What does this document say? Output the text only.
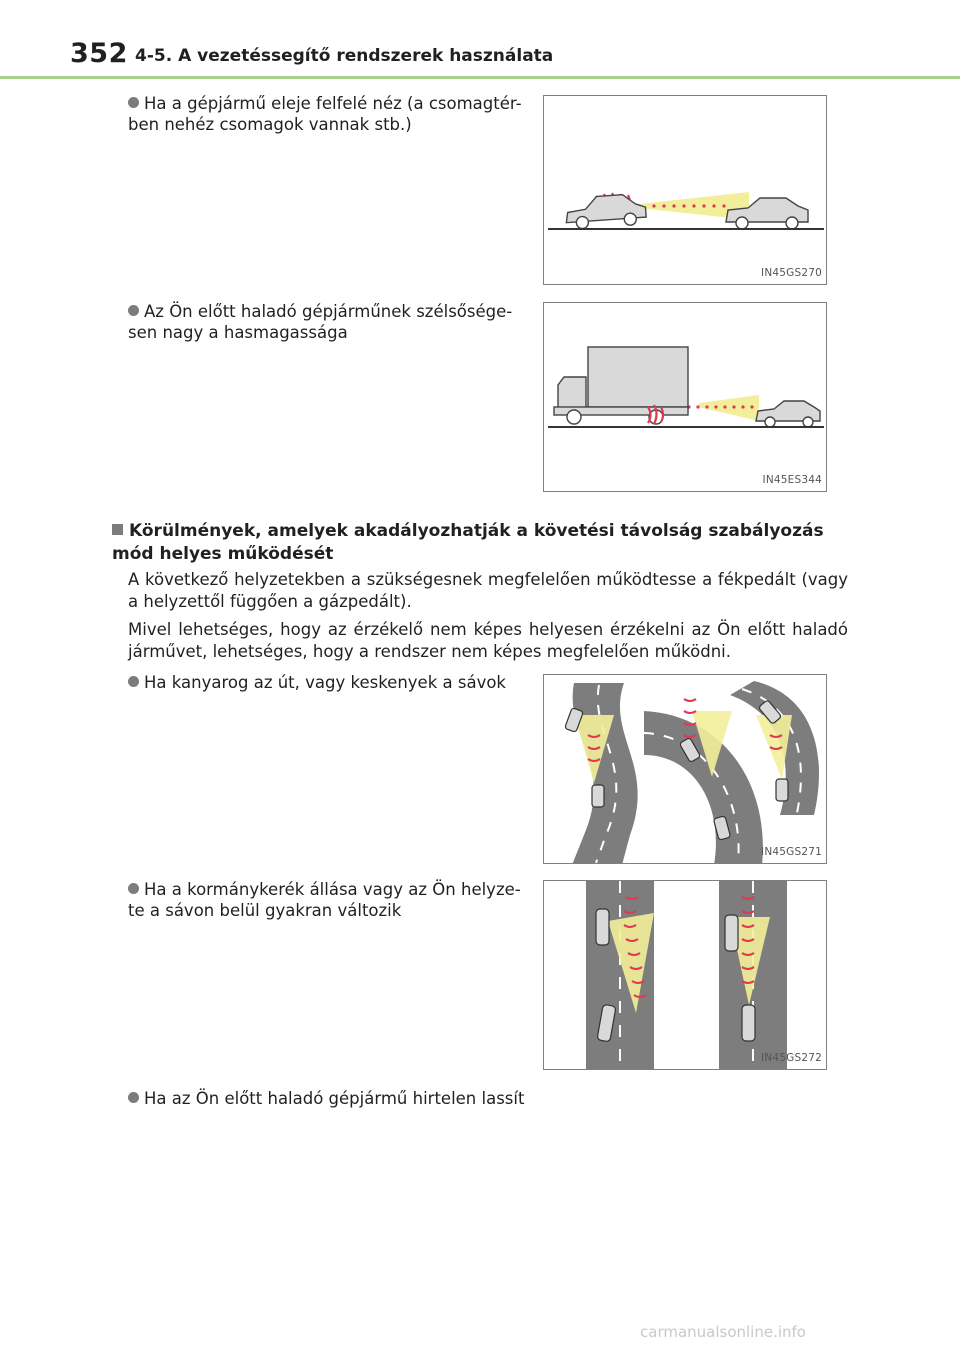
352 4-5. A vezetéssegítő rendszerek használata
Ha a gépjármű eleje felfelé néz (a csomagtér-ben nehéz csomagok vannak stb.)
IN45GS270
Az Ön előtt haladó gépjárműnek szélsősége-sen nagy a hasmagassága
IN45ES344
Körülmények, amelyek akadályozhatják a követési távolság szabályozás mód helyes működését
A következő helyzetekben a szükségesnek megfelelően működtesse a fékpedált (vagy a helyzettől függően a gázpedált).
Mivel lehetséges, hogy az érzékelő nem képes helyesen érzékelni az Ön előtt haladó járművet, lehetséges, hogy a rendszer nem képes megfelelően működni.
Ha kanyarog az út, vagy keskenyek a sávok
IN45GS271
Ha a kormánykerék állása vagy az Ön helyze-te a sávon belül gyakran változik
IN45GS272
Ha az Ön előtt haladó gépjármű hirtelen lassít
carmanualsonline.info
